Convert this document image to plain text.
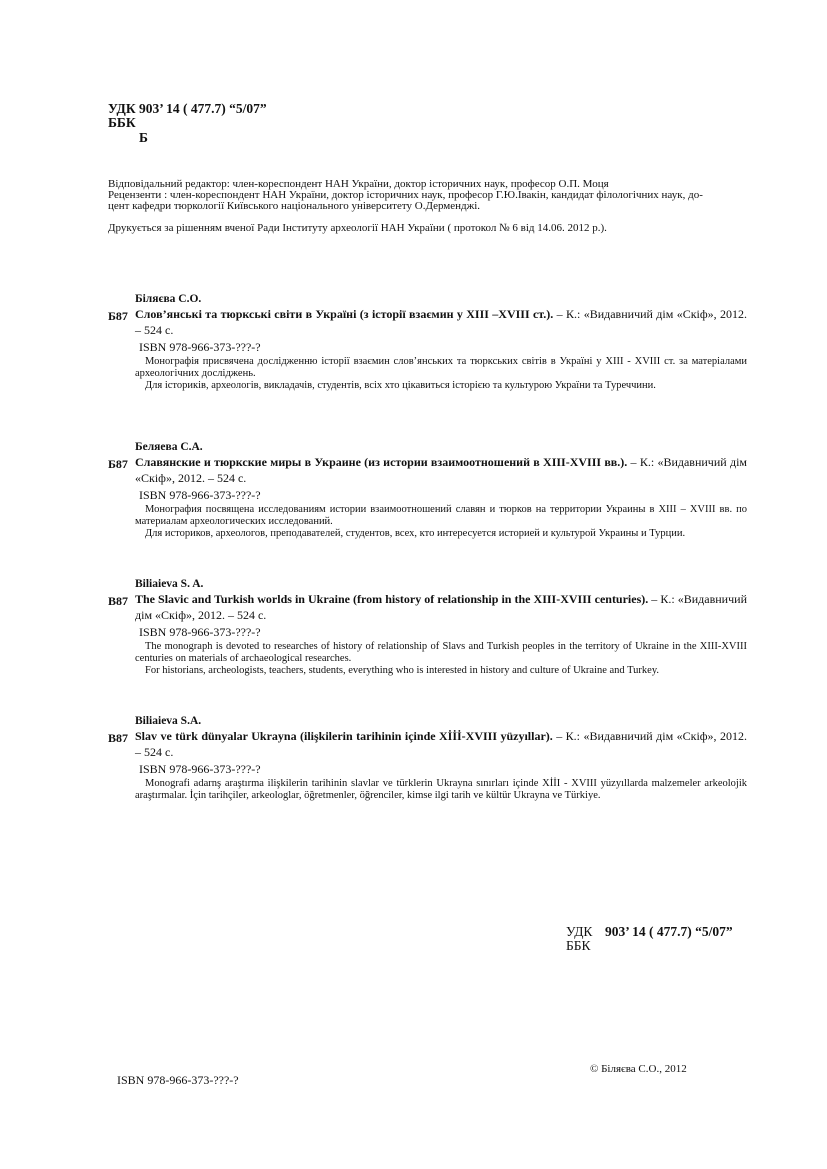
УДК 903’ 14 ( 477.7) “5/07”
ББК
Б
Відповідальний редактор: член-кореспондент НАН України, доктор історичних наук, професор О.П. Моця
Рецензенти : член-кореспондент НАН України, доктор історичних наук, професор Г.Ю.Івакін, кандидат філологічних наук, до-
цент кафедри тюркології Київського національного університету О.Дерменджі.
Друкується за рішенням вченої Ради Інституту археології НАН України ( протокол № 6 від 14.06. 2012 р.).
Біляєва С.О.
Б87 Слов’янські та тюркські світи в Україні (з історії взаємин у XIII –XVIII ст.). – К.: «Видавничий дім «Скіф», 2012. – 524 с.
ISBN 978-966-373-???-?

Монографія присвячена дослідженню історії взаємин слов’янських та тюркських світів в Україні у XIII - XVIII ст. за матеріалами археологічних досліджень.

Для істориків, археологів, викладачів, студентів, всіх хто цікавиться історією та культурою України та Туреччини.

Беляева С.А.
Б87 Славянские и тюркские миры в Украине (из истории взаимоотношений в XIII-XVIII вв.). – К.: «Видавничий дім «Скіф», 2012. – 524 с.
ISBN 978-966-373-???-?

Монография посвящена исследованиям истории взаимоотношений славян и тюрков на территории Украины в XIII – XVIII вв. по материалам археологических исследований.

Для историков, археологов, преподавателей, студентов, всех, кто интересуется историей и культурой Украины и Турции.

Biliaieva S. A.
B87 The Slavic and Turkish worlds in Ukraine (from history of relationship in the XIII-XVIII centuries). – К.: «Видавничий дім «Скіф», 2012. – 524 с.
ISBN 978-966-373-???-?

The monograph is devoted to researches of history of relationship of Slavs and Turkish peoples in the territory of Ukraine in the XIII-XVIII centuries on materials of archaeological researches.

For historians, archeologists, teachers, students, everything who is interested in history and culture of Ukraine and Turkey.

Biliaieva S.A.
B87 Slav ve türk dünyalar Ukrayna (ilişkilerin tarihinin içinde Xİİİ-XVIII yüzyıllar). – К.: «Видавничий дім «Скіф», 2012. – 524 с.
ISBN 978-966-373-???-?

Monografi adarnş araştırma ilişkilerin tarihinin slavlar ve türklerin Ukrayna sınırları içinde XİİI - XVIII yüzyıllarda malzemeler arkeolojik araştırmalar. İçin tarihçiler, arkeologlar, öğretmenler, öğrenciler, kimse ilgi tarih ve kültür Ukrayna ve Türkiye.

УДК 903’ 14 ( 477.7) “5/07”
ББК
© Біляєва С.О., 2012
ISBN 978-966-373-???-?
